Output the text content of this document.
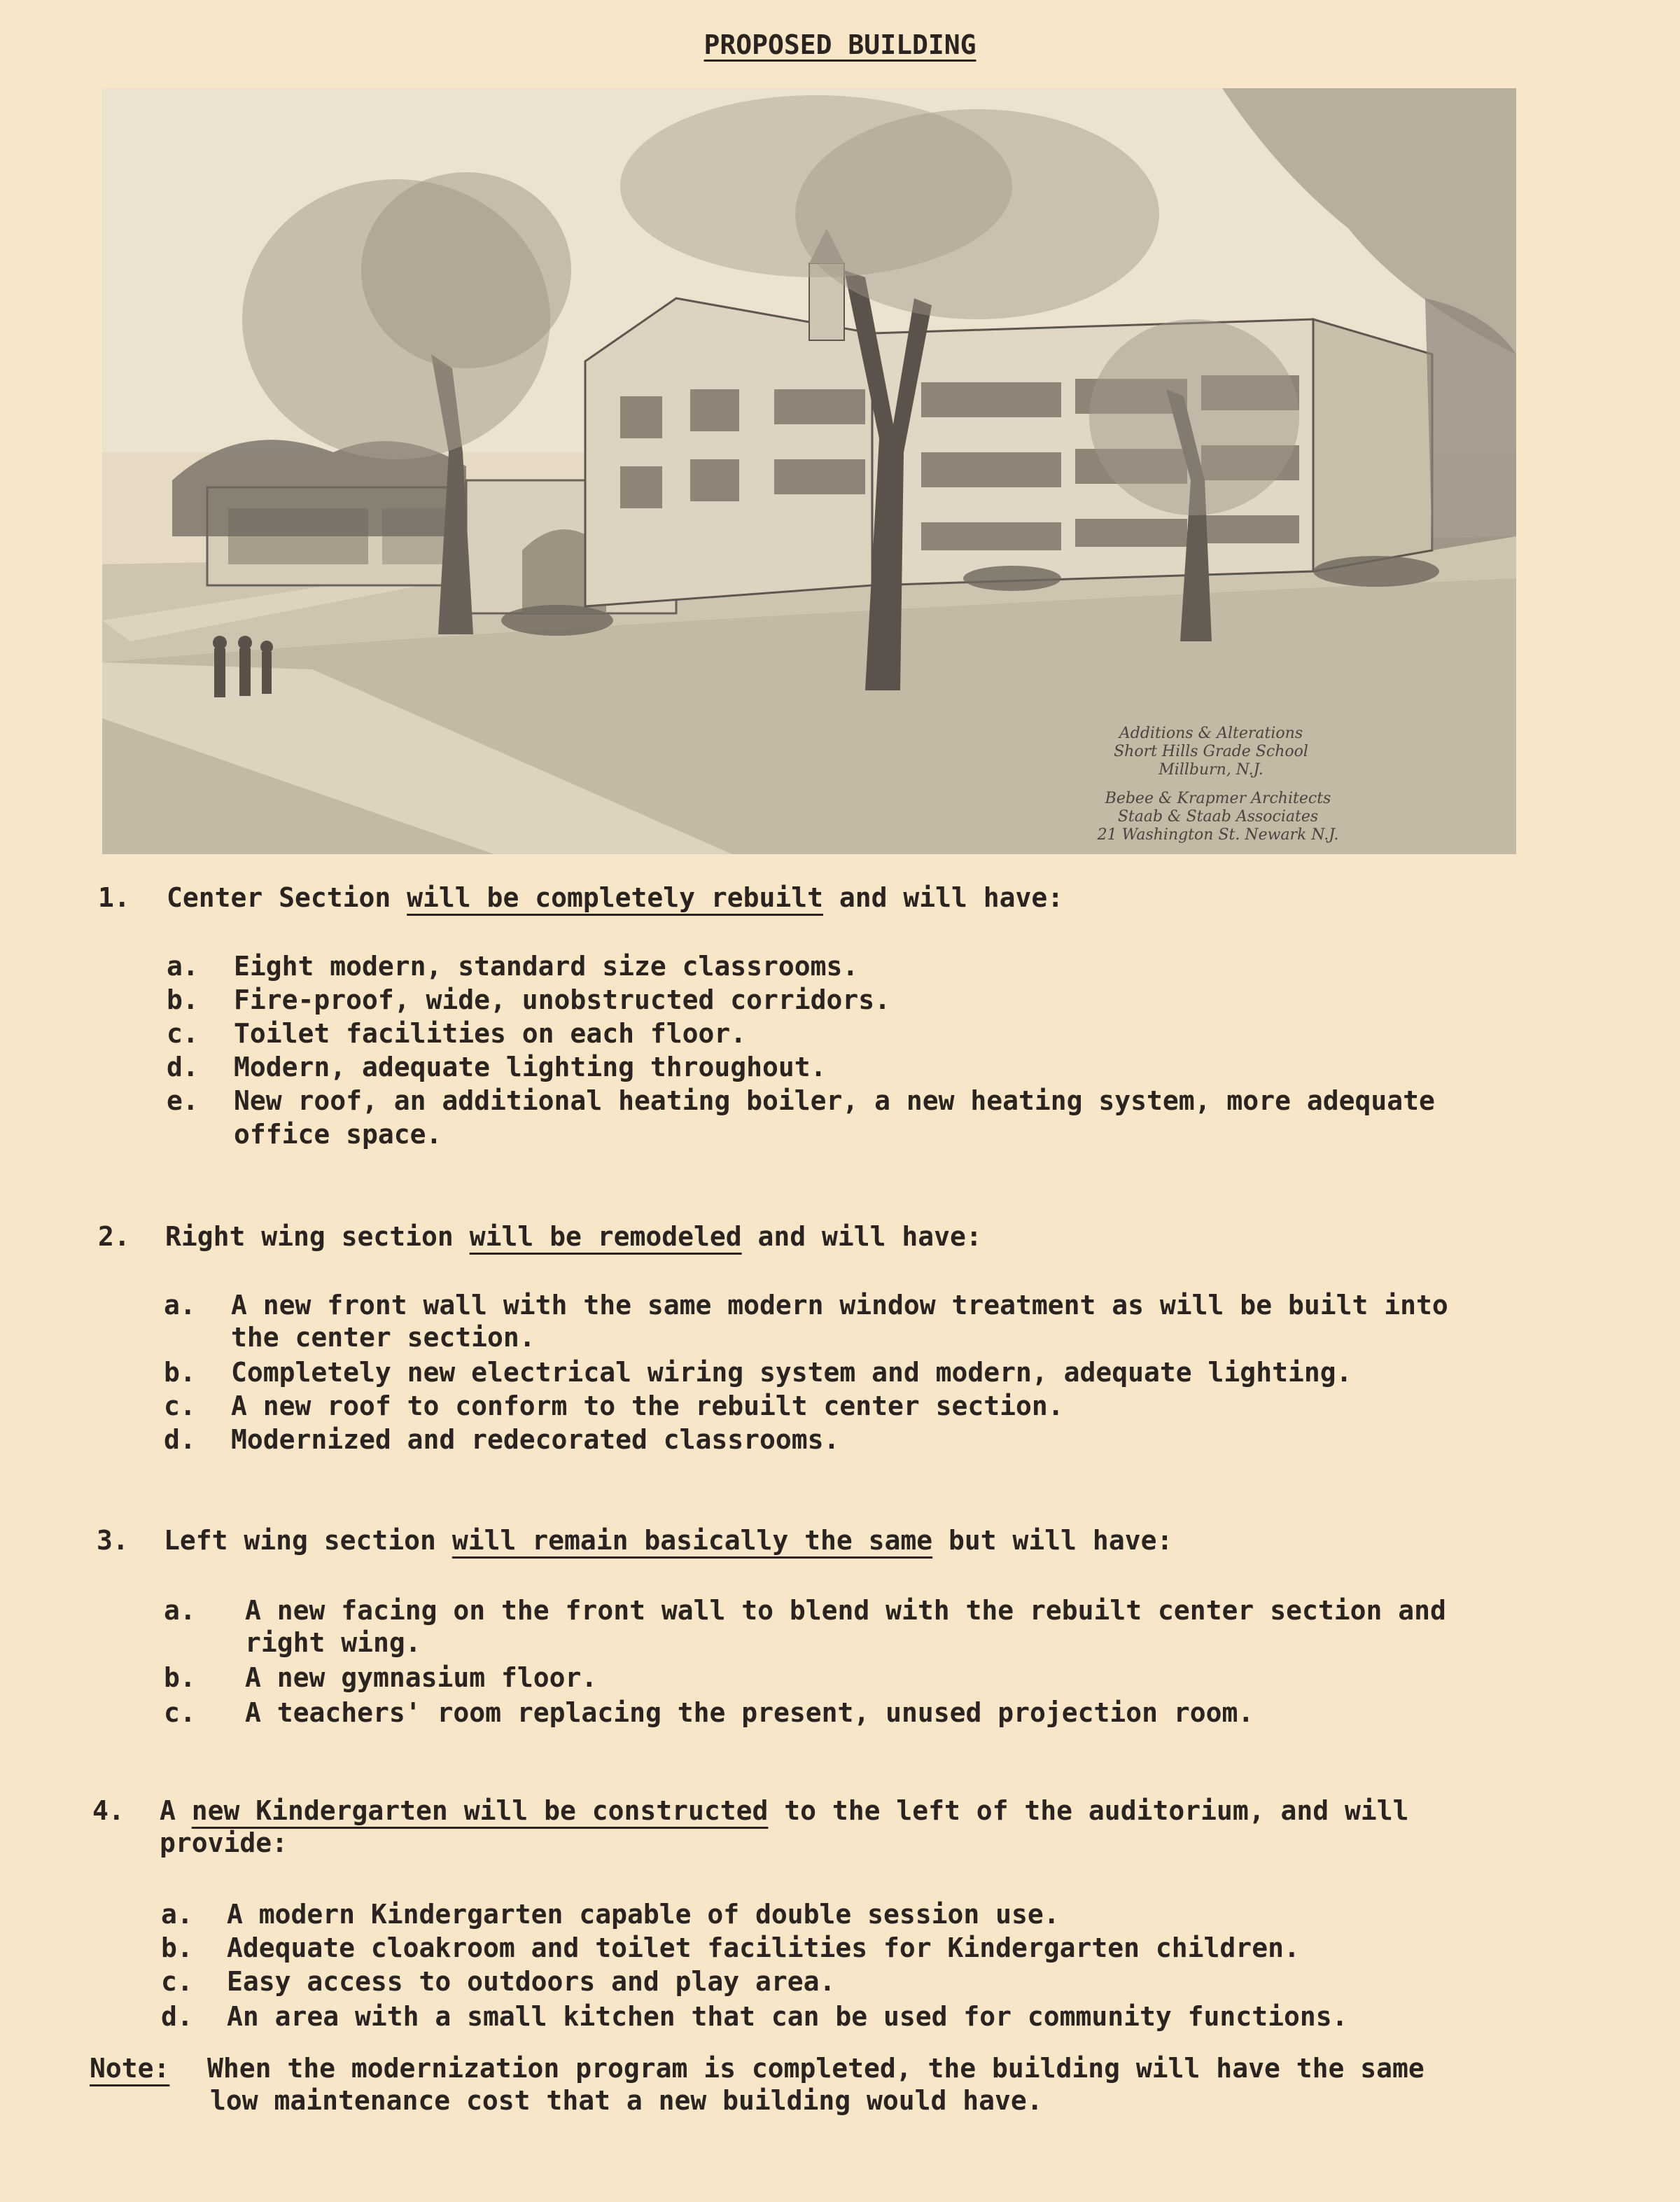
PROPOSED BUILDING
Additions & Alterations
Short Hills Grade School
Millburn, N.J.
Bebee & Krapmer Architects
Staab & Staab Associates
21 Washington St. Newark N.J.
1. Center Section will be completely rebuilt and will have:
a. Eight modern, standard size classrooms.
b. Fire-proof, wide, unobstructed corridors.
c. Toilet facilities on each floor.
d. Modern, adequate lighting throughout.
e. New roof, an additional heating boiler, a new heating system, more adequate
office space.
2. Right wing section will be remodeled and will have:
a. A new front wall with the same modern window treatment as will be built into
the center section.
b. Completely new electrical wiring system and modern, adequate lighting.
c. A new roof to conform to the rebuilt center section.
d. Modernized and redecorated classrooms.
3. Left wing section will remain basically the same but will have:
a. A new facing on the front wall to blend with the rebuilt center section and
right wing.
b. A new gymnasium floor.
c. A teachers' room replacing the present, unused projection room.
4. A new Kindergarten will be constructed to the left of the auditorium, and will
provide:
a. A modern Kindergarten capable of double session use.
b. Adequate cloakroom and toilet facilities for Kindergarten children.
c. Easy access to outdoors and play area.
d. An area with a small kitchen that can be used for community functions.
Note: When the modernization program is completed, the building will have the same
low maintenance cost that a new building would have.
